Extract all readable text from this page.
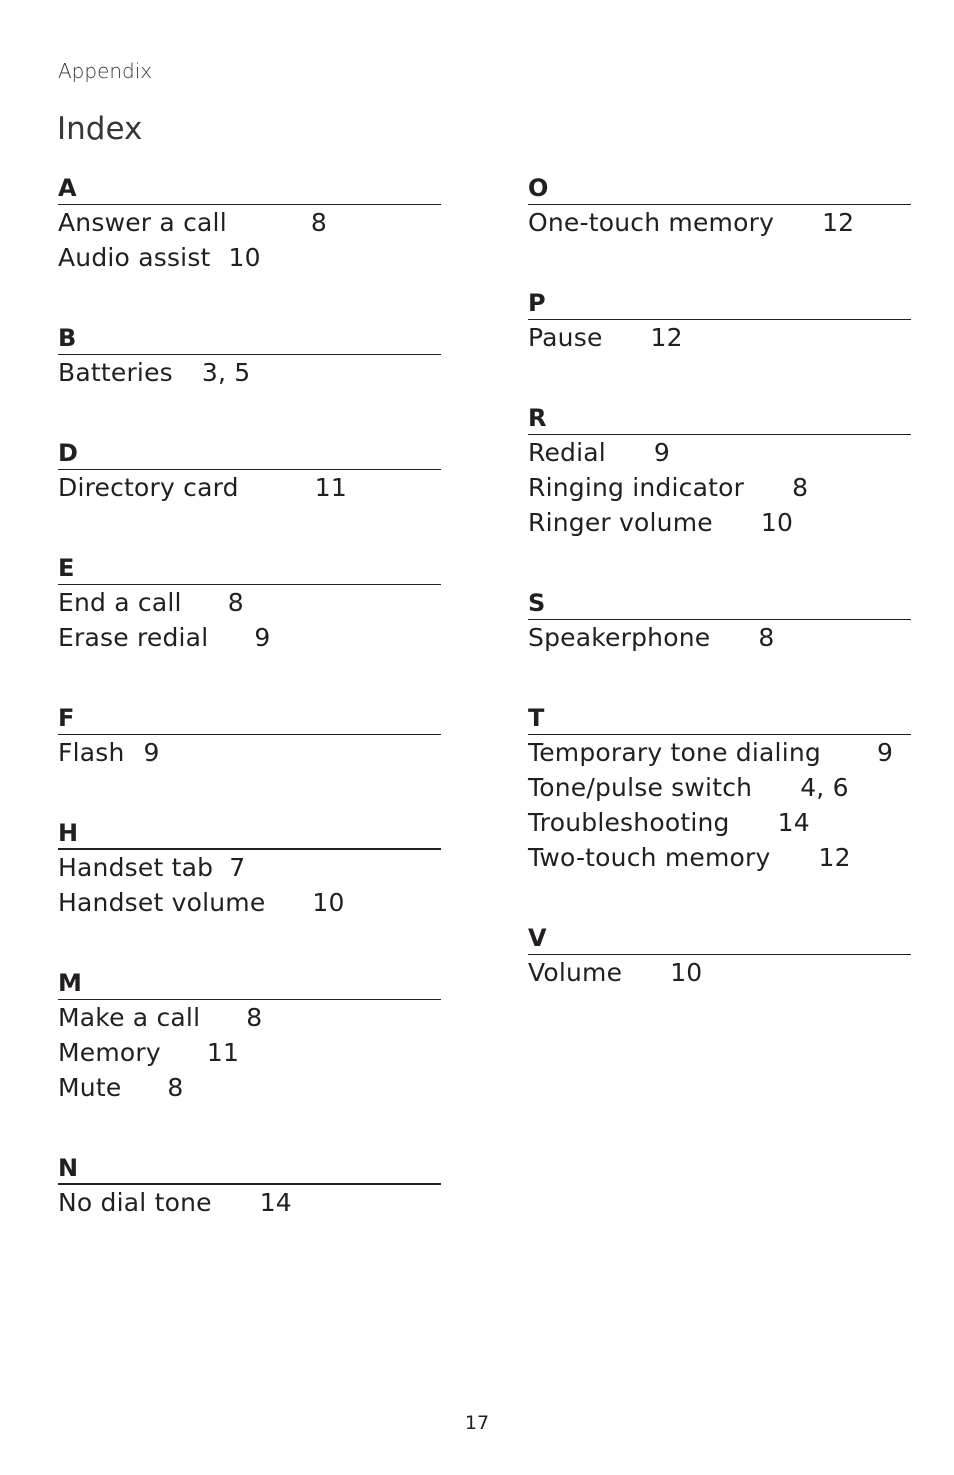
Appendix
Index
A
Answer a call	8
Audio assist 10
B
Batteries 3, 5
D
Directory card	11
E
End a call 8
Erase redial 9
F
Flash 9
H
Handset tab 7
Handset volume 10
M
Make a call 8
Memory 11
Mute 8
N
No dial tone 14
O
One-touch memory 12
P
Pause 12
R
Redial 9
Ringing indicator 8
Ringer volume 10
S
Speakerphone 8
T
Temporary tone dialing 9
Tone/pulse switch 4, 6
Troubleshooting 14
Two-touch memory 12
V
Volume 10
17
